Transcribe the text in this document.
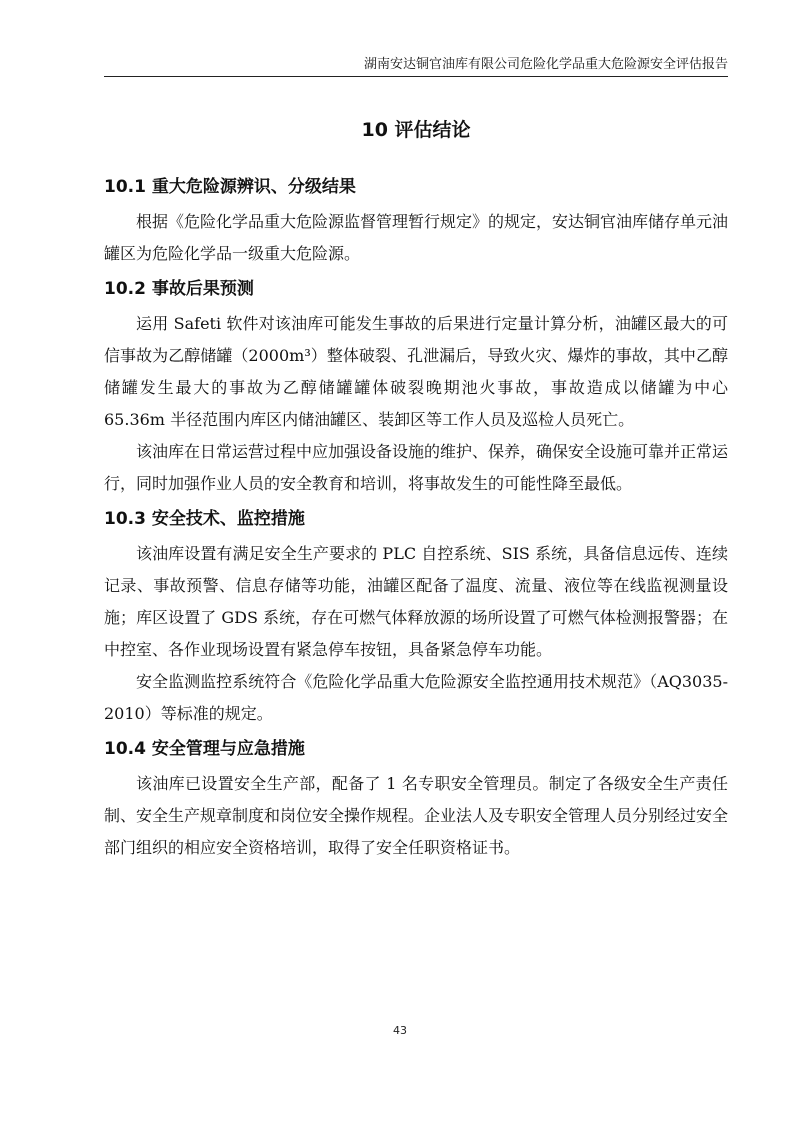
湖南安达铜官油库有限公司危险化学品重大危险源安全评估报告
10 评估结论
10.1 重大危险源辨识、分级结果

根据《危险化学品重大危险源监督管理暂行规定》的规定，安达铜官油库储存单元油罐区为危险化学品一级重大危险源。

10.2 事故后果预测

运用 Safeti 软件对该油库可能发生事故的后果进行定量计算分析，油罐区最大的可信事故为乙醇储罐（2000m³）整体破裂、孔泄漏后，导致火灾、爆炸的事故，其中乙醇储罐发生最大的事故为乙醇储罐罐体破裂晚期池火事故，事故造成以储罐为中心 65.36m 半径范围内库区内储油罐区、装卸区等工作人员及巡检人员死亡。

该油库在日常运营过程中应加强设备设施的维护、保养，确保安全设施可靠并正常运行，同时加强作业人员的安全教育和培训，将事故发生的可能性降至最低。

10.3 安全技术、监控措施

该油库设置有满足安全生产要求的 PLC 自控系统、SIS 系统，具备信息远传、连续记录、事故预警、信息存储等功能，油罐区配备了温度、流量、液位等在线监视测量设施；库区设置了 GDS 系统，存在可燃气体释放源的场所设置了可燃气体检测报警器；在中控室、各作业现场设置有紧急停车按钮，具备紧急停车功能。

安全监测监控系统符合《危险化学品重大危险源安全监控通用技术规范》（AQ3035-2010）等标准的规定。

10.4 安全管理与应急措施

该油库已设置安全生产部，配备了 1 名专职安全管理员。制定了各级安全生产责任制、安全生产规章制度和岗位安全操作规程。企业法人及专职安全管理人员分别经过安全部门组织的相应安全资格培训，取得了安全任职资格证书。

43
